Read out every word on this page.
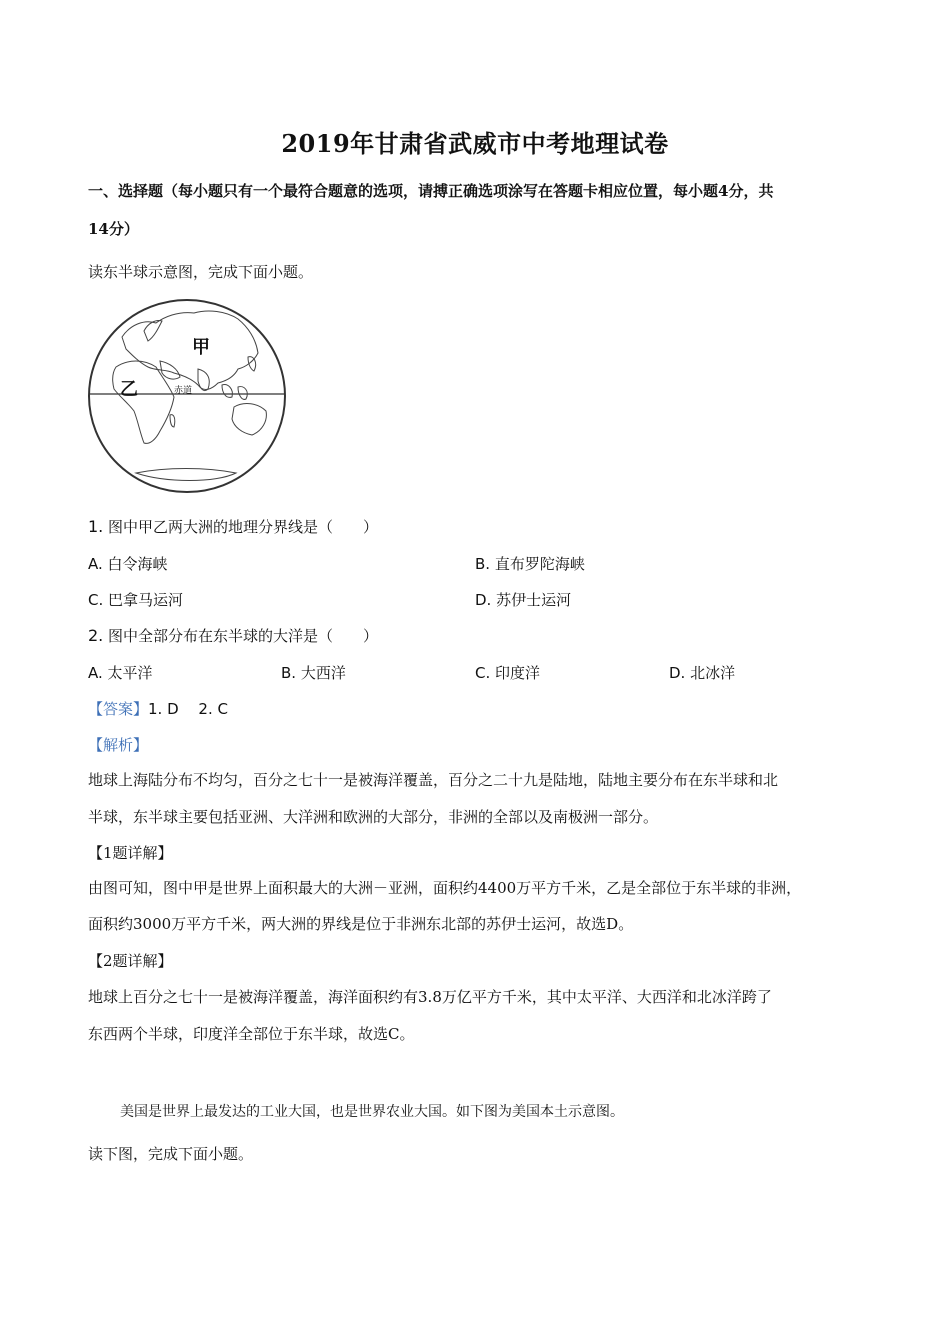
2019年甘肃省武威市中考地理试卷
一、选择题（每小题只有一个最符合题意的选项，请搏正确选项涂写在答题卡相应位置，每小题4分，共
14分）
读东半球示意图，完成下面小题。
甲
乙	赤道
1. 图中甲乙两大洲的地理分界线是（　　）
A. 白令海峡	B. 直布罗陀海峡
C. 巴拿马运河	D. 苏伊士运河
2. 图中全部分布在东半球的大洋是（　　）
A. 太平洋	B. 大西洋	C. 印度洋	D. 北冰洋
【答案】1. D　 2. C
【解析】
地球上海陆分布不均匀，百分之七十一是被海洋覆盖，百分之二十九是陆地，陆地主要分布在东半球和北
半球，东半球主要包括亚洲、大洋洲和欧洲的大部分，非洲的全部以及南极洲一部分。
【1题详解】
由图可知，图中甲是世界上面积最大的大洲－亚洲，面积约4400万平方千米，乙是全部位于东半球的非洲，
面积约3000万平方千米，两大洲的界线是位于非洲东北部的苏伊士运河，故选D。
【2题详解】
地球上百分之七十一是被海洋覆盖，海洋面积约有3.8万亿平方千米，其中太平洋、大西洋和北冰洋跨了
东西两个半球，印度洋全部位于东半球，故选C。
美国是世界上最发达的工业大国，也是世界农业大国。如下图为美国本土示意图。
读下图，完成下面小题。
